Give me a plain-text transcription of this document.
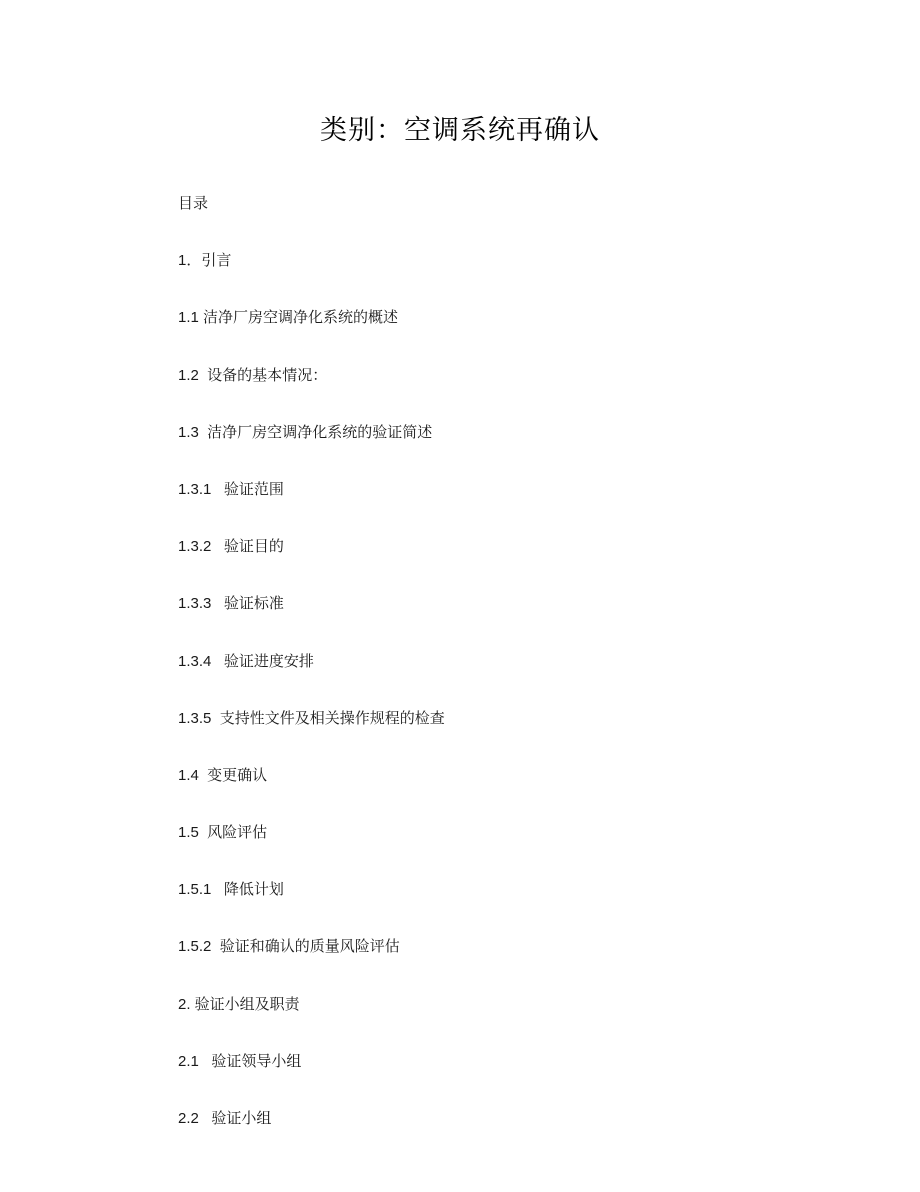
类别：空调系统再确认
目录
1．引言
1.1 洁净厂房空调净化系统的概述
1.2  设备的基本情况：
1.3  洁净厂房空调净化系统的验证简述
1.3.1   验证范围
1.3.2   验证目的
1.3.3   验证标准
1.3.4   验证进度安排
1.3.5  支持性文件及相关操作规程的检查
1.4  变更确认
1.5  风险评估
1.5.1   降低计划
1.5.2  验证和确认的质量风险评估
2. 验证小组及职责
2.1   验证领导小组
2.2   验证小组
